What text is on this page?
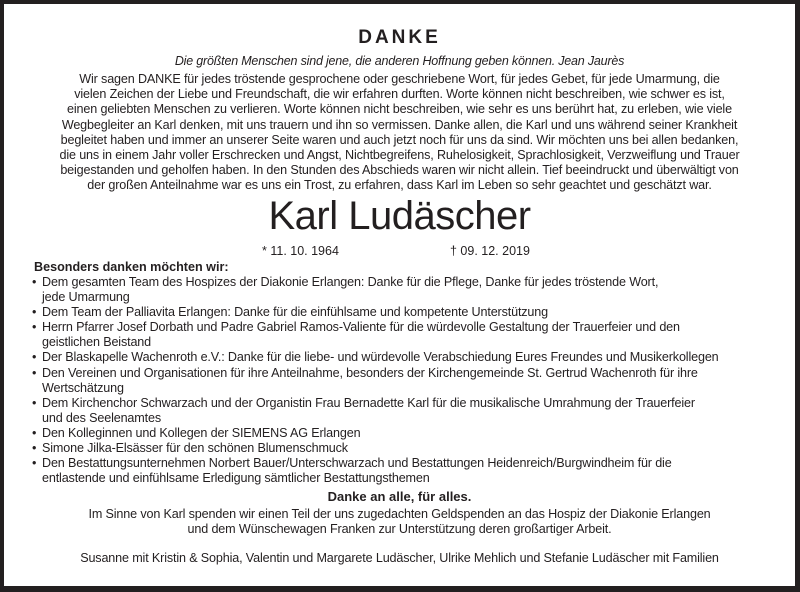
DANKE
Die größten Menschen sind jene, die anderen Hoffnung geben können. Jean Jaurès
Wir sagen DANKE für jedes tröstende gesprochene oder geschriebene Wort, für jedes Gebet, für jede Umarmung, die
vielen Zeichen der Liebe und Freundschaft, die wir erfahren durften. Worte können nicht beschreiben, wie schwer es ist,
einen geliebten Menschen zu verlieren. Worte können nicht beschreiben, wie sehr es uns berührt hat, zu erleben, wie viele
Wegbegleiter an Karl denken, mit uns trauern und ihn so vermissen. Danke allen, die Karl und uns während seiner Krankheit
begleitet haben und immer an unserer Seite waren und auch jetzt noch für uns da sind. Wir möchten uns bei allen bedanken,
die uns in einem Jahr voller Erschrecken und Angst, Nichtbegreifens, Ruhelosigkeit, Sprachlosigkeit, Verzweiflung und Trauer
beigestanden und geholfen haben. In den Stunden des Abschieds waren wir nicht allein. Tief beeindruckt und überwältigt von
der großen Anteilnahme war es uns ein Trost, zu erfahren, dass Karl im Leben so sehr geachtet und geschätzt war.
Karl Ludäscher
* 11. 10. 1964	† 09. 12. 2019
Besonders danken möchten wir:
• Dem gesamten Team des Hospizes der Diakonie Erlangen: Danke für die Pflege, Danke für jedes tröstende Wort,
jede Umarmung
• Dem Team der Palliavita Erlangen: Danke für die einfühlsame und kompetente Unterstützung
• Herrn Pfarrer Josef Dorbath und Padre Gabriel Ramos-Valiente für die würdevolle Gestaltung der Trauerfeier und den
geistlichen Beistand
• Der Blaskapelle Wachenroth e.V.: Danke für die liebe- und würdevolle Verabschiedung Eures Freundes und Musikerkollegen
• Den Vereinen und Organisationen für ihre Anteilnahme, besonders der Kirchengemeinde St. Gertrud Wachenroth für ihre
Wertschätzung
• Dem Kirchenchor Schwarzach und der Organistin Frau Bernadette Karl für die musikalische Umrahmung der Trauerfeier
und des Seelenamtes
• Den Kolleginnen und Kollegen der SIEMENS AG Erlangen
• Simone Jilka-Elsässer für den schönen Blumenschmuck
• Den Bestattungsunternehmen Norbert Bauer/Unterschwarzach und Bestattungen Heidenreich/Burgwindheim für die
entlastende und einfühlsame Erledigung sämtlicher Bestattungsthemen
Danke an alle, für alles.
Im Sinne von Karl spenden wir einen Teil der uns zugedachten Geldspenden an das Hospiz der Diakonie Erlangen
und dem Wünschewagen Franken zur Unterstützung deren großartiger Arbeit.
Susanne mit Kristin & Sophia, Valentin und Margarete Ludäscher, Ulrike Mehlich und Stefanie Ludäscher mit Familien
